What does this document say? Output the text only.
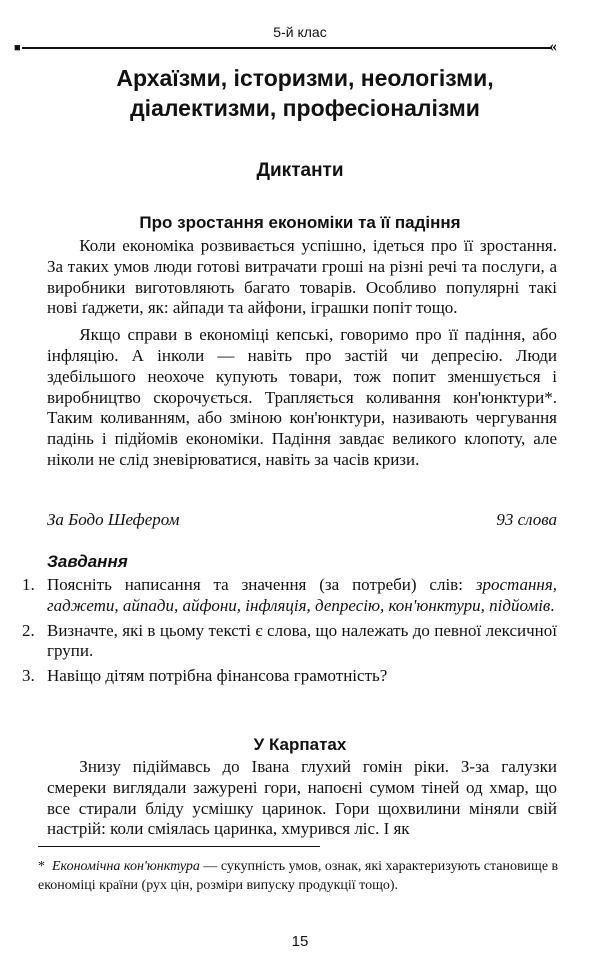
5-й клас
■	«
Архаїзми, історизми, неологізми,
діалектизми, професіоналізми
Диктанти
Про зростання економіки та її падіння

Коли економіка розвивається успішно, ідеться про її зростання. За таких умов люди готові витрачати гроші на різні речі та послуги, а виробники виготовляють багато товарів. Особливо популярні такі нові ґаджети, як: айпади та айфони, іграшки попіт тощо.

Якщо справи в економіці кепські, говоримо про її падіння, або інфляцію. А інколи — навіть про застій чи депресію. Люди здебільшого неохоче купують товари, тож попит зменшується і виробництво скорочується. Трапляється коливання кон'юнктури*. Таким коливанням, або зміною кон'юнктури, називають чергування падінь і підйомів економіки. Падіння завдає великого клопоту, але ніколи не слід зневірюватися, навіть за часів кризи.

За Бодо Шефером	93 слова
Завдання
1. Поясніть написання та значення (за потреби) слів: зростання, гаджети, айпади, айфони, інфляція, депресію, кон'юнктури, підйомів.
2. Визначте, які в цьому тексті є слова, що належать до певної лексичної групи.
3. Навіщо дітям потрібна фінансова грамотність?
У Карпатах

Знизу підіймавсь до Івана глухий гомін ріки. З-за галузки смереки виглядали зажурені гори, напоєні сумом тіней од хмар, що все стирали бліду усмішку царинок. Гори щохвилини міняли свій настрій: коли сміялась царинка, хмурився ліс. І як

* Економічна кон'юнктура — сукупність умов, ознак, які характеризують становище в економіці країни (рух цін, розміри випуску продукції тощо).
15
